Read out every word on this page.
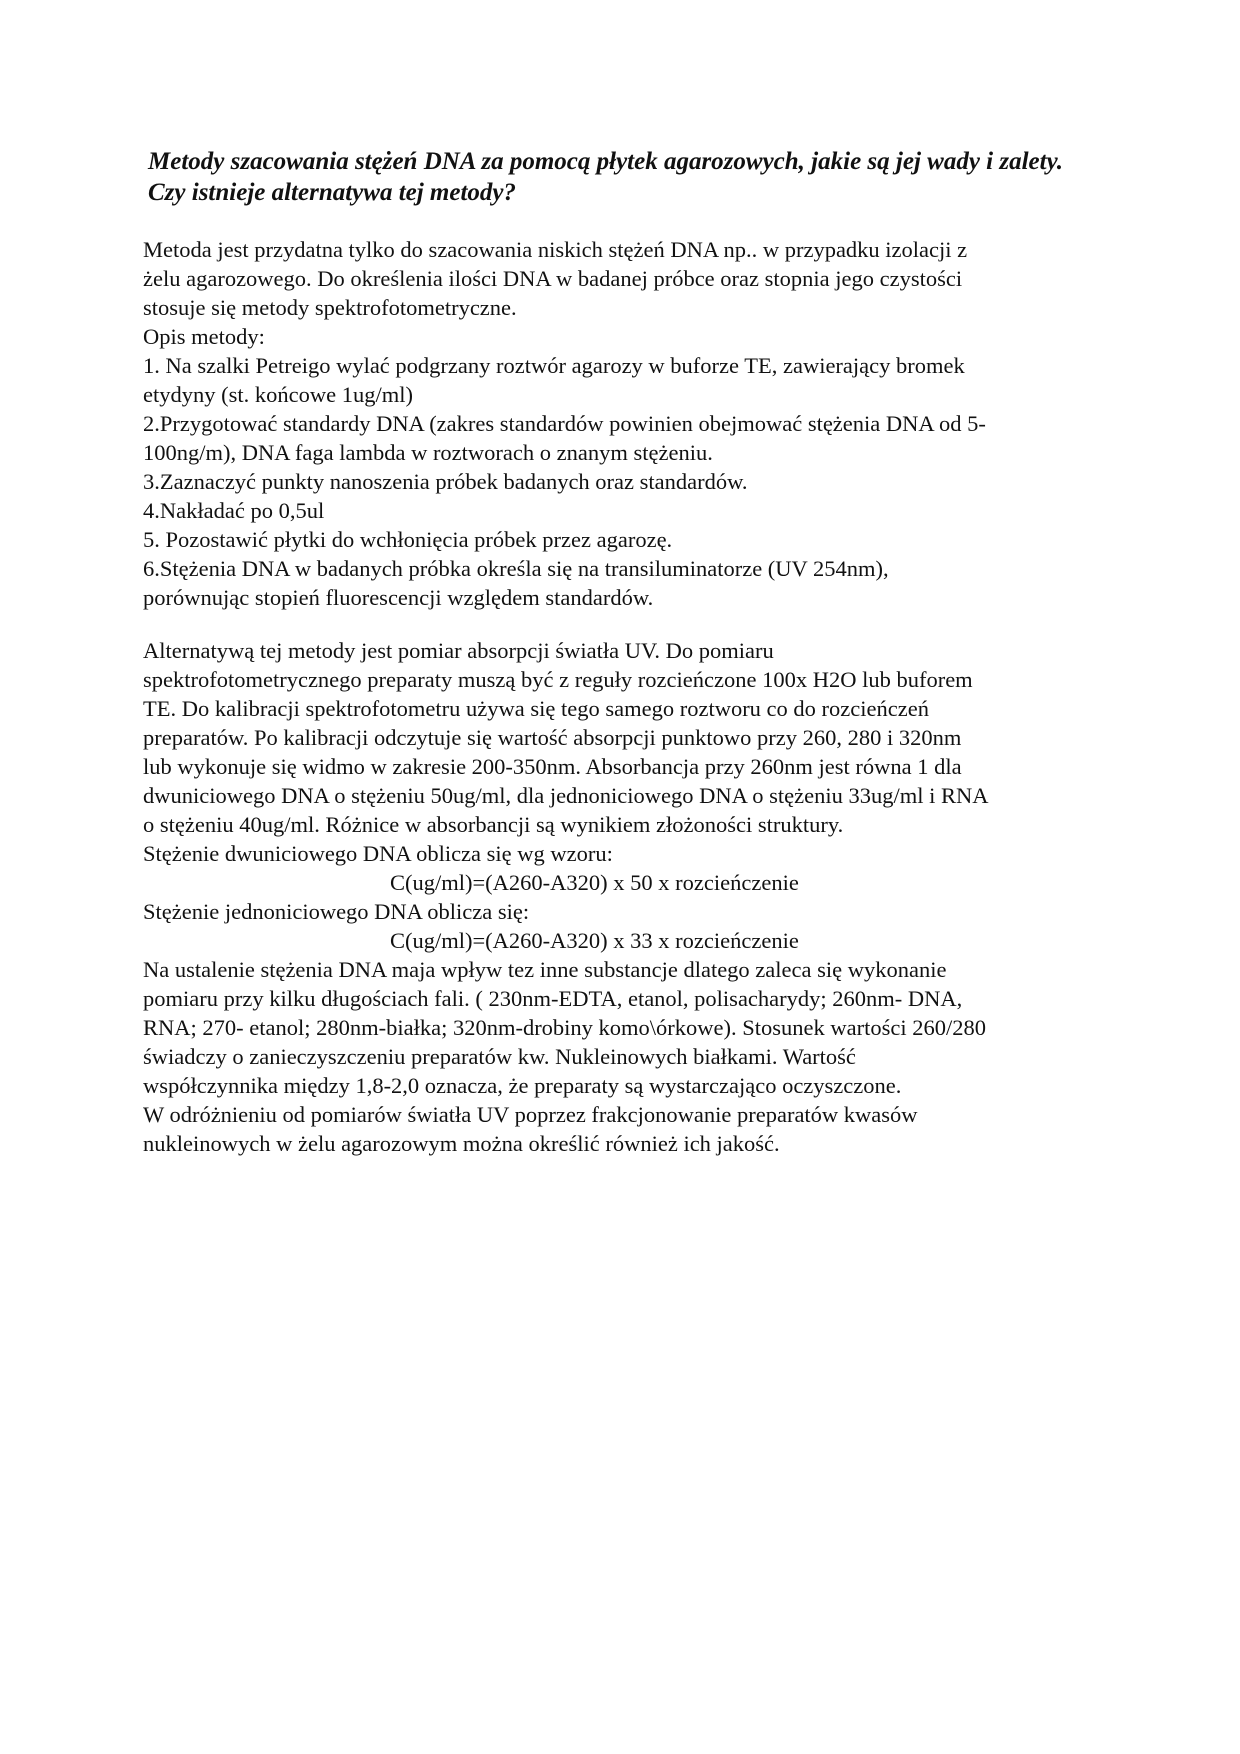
Metody szacowania stężeń DNA za pomocą płytek agarozowych, jakie są jej wady i zalety. Czy istnieje alternatywa tej metody?
Metoda jest przydatna tylko do szacowania niskich stężeń DNA np.. w przypadku izolacji z
żelu agarozowego. Do określenia ilości DNA w badanej próbce oraz stopnia jego czystości
stosuje się metody spektrofotometryczne.
Opis metody:
1. Na szalki Petreigo wylać podgrzany roztwór agarozy w buforze TE, zawierający bromek
etydyny (st. końcowe 1ug/ml)
2.Przygotować standardy DNA (zakres standardów powinien obejmować stężenia DNA od 5-
100ng/m), DNA faga lambda w roztworach o znanym stężeniu.
3.Zaznaczyć punkty nanoszenia próbek badanych oraz standardów.
4.Nakładać po 0,5ul
5. Pozostawić płytki do wchłonięcia próbek przez agarozę.
6.Stężenia DNA w badanych próbka określa się na transiluminatorze (UV 254nm),
porównując stopień fluorescencji względem standardów.
Alternatywą tej metody jest pomiar absorpcji światła UV. Do pomiaru
spektrofotometrycznego preparaty muszą być z reguły rozcieńczone 100x H2O lub buforem
TE. Do kalibracji spektrofotometru używa się tego samego roztworu co do rozcieńczeń
preparatów. Po kalibracji odczytuje się wartość absorpcji punktowo przy 260, 280 i 320nm
lub wykonuje się widmo w zakresie 200-350nm. Absorbancja przy 260nm jest równa 1 dla
dwuniciowego DNA o stężeniu 50ug/ml, dla jednoniciowego DNA o stężeniu 33ug/ml i RNA
o stężeniu 40ug/ml. Różnice w absorbancji są wynikiem złożoności struktury.
Stężenie dwuniciowego DNA oblicza się wg wzoru:
C(ug/ml)=(A260-A320) x 50 x rozcieńczenie
Stężenie jednoniciowego DNA oblicza się:
C(ug/ml)=(A260-A320) x 33 x rozcieńczenie
Na ustalenie stężenia DNA maja wpływ tez inne substancje dlatego zaleca się wykonanie
pomiaru przy kilku długościach fali. ( 230nm-EDTA, etanol, polisacharydy; 260nm- DNA,
RNA; 270- etanol; 280nm-białka; 320nm-drobiny komo\órkowe). Stosunek wartości 260/280
świadczy o zanieczyszczeniu preparatów kw. Nukleinowych białkami. Wartość
współczynnika między 1,8-2,0 oznacza, że preparaty są wystarczająco oczyszczone.
W odróżnieniu od pomiarów światła UV poprzez frakcjonowanie preparatów kwasów
nukleinowych w żelu agarozowym można określić również ich jakość.
